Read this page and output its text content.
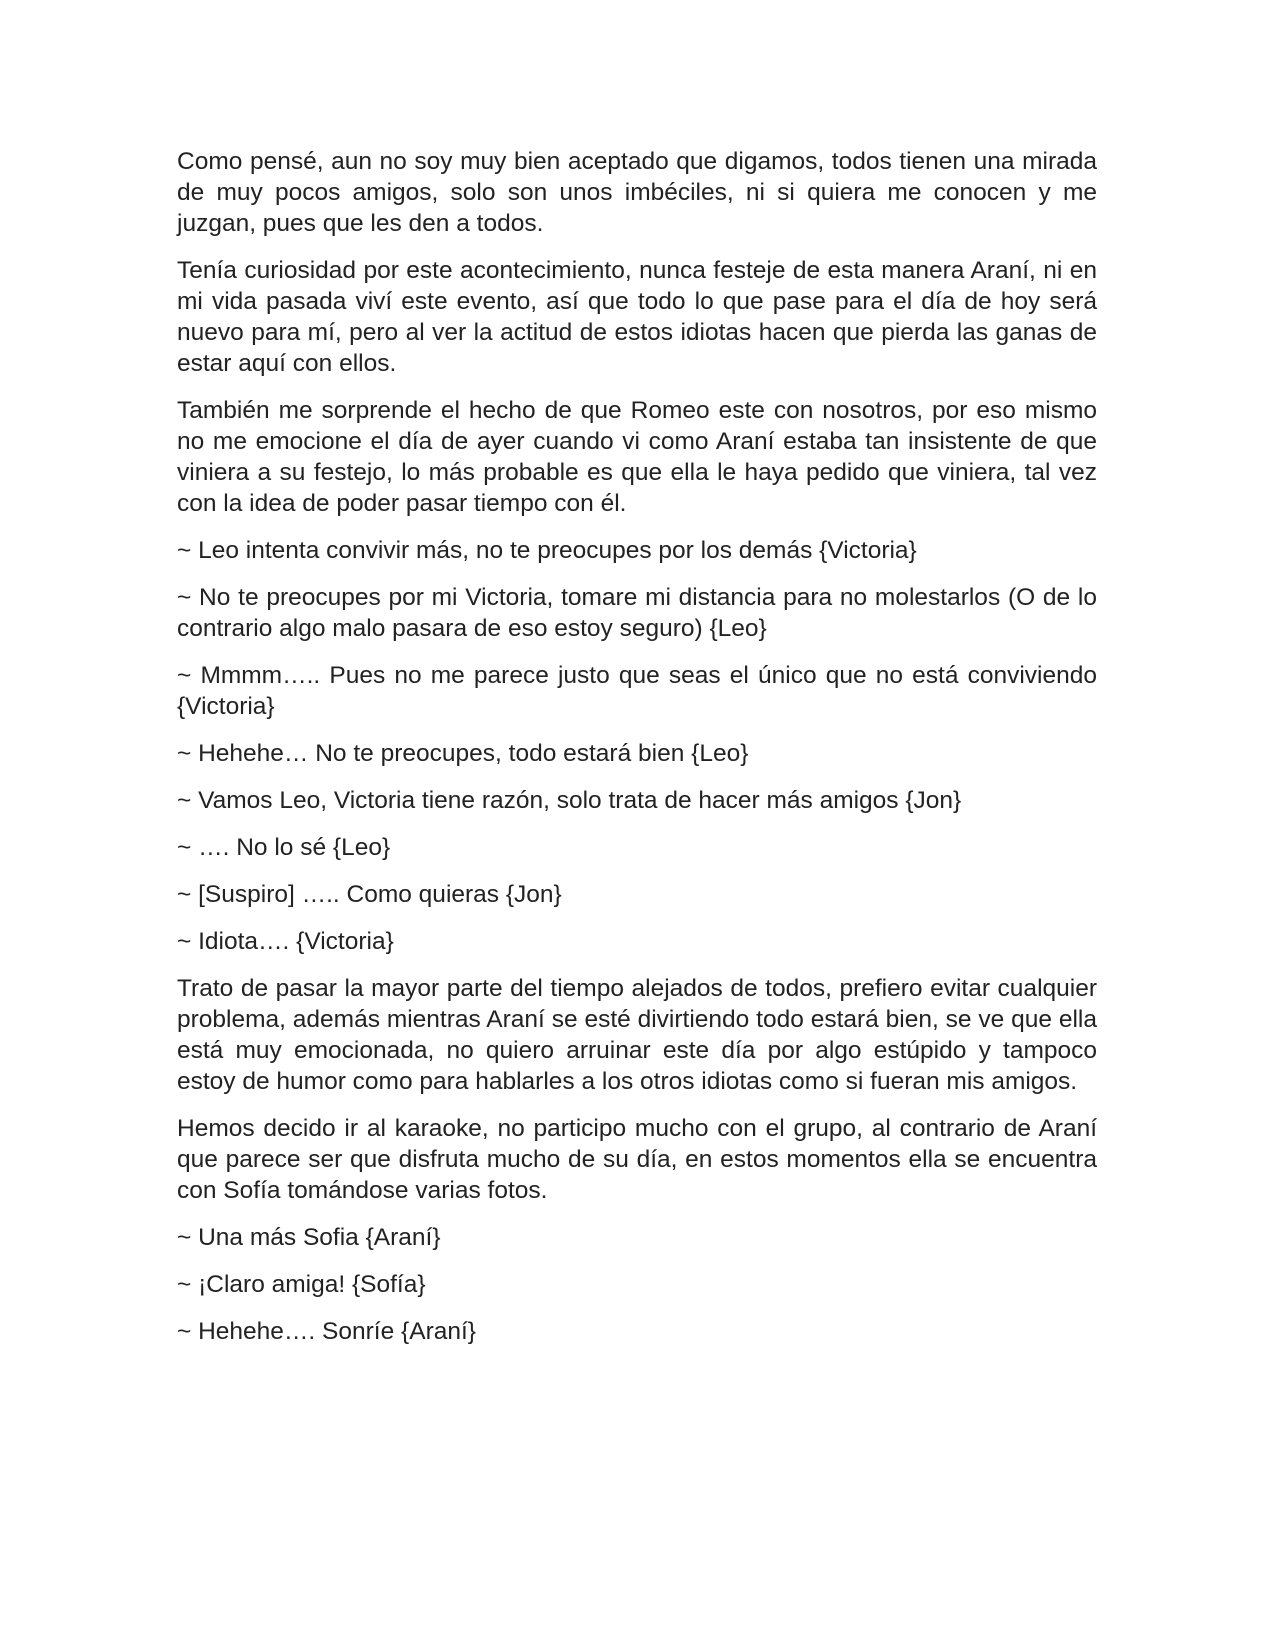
Como pensé, aun no soy muy bien aceptado que digamos, todos tienen una mirada de muy pocos amigos, solo son unos imbéciles, ni si quiera me conocen y me juzgan, pues que les den a todos.

Tenía curiosidad por este acontecimiento, nunca festeje de esta manera Araní, ni en mi vida pasada viví este evento, así que todo lo que pase para el día de hoy será nuevo para mí, pero al ver la actitud de estos idiotas hacen que pierda las ganas de estar aquí con ellos.

También me sorprende el hecho de que Romeo este con nosotros, por eso mismo no me emocione el día de ayer cuando vi como Araní estaba tan insistente de que viniera a su festejo, lo más probable es que ella le haya pedido que viniera, tal vez con la idea de poder pasar tiempo con él.

~ Leo intenta convivir más, no te preocupes por los demás {Victoria}

~ No te preocupes por mi Victoria, tomare mi distancia para no molestarlos (O de lo contrario algo malo pasara de eso estoy seguro) {Leo}

~ Mmmm….. Pues no me parece justo que seas el único que no está conviviendo {Victoria}

~ Hehehe… No te preocupes, todo estará bien {Leo}

~ Vamos Leo, Victoria tiene razón, solo trata de hacer más amigos {Jon}

~ …. No lo sé {Leo}

~ [Suspiro] ….. Como quieras {Jon}

~ Idiota…. {Victoria}

Trato de pasar la mayor parte del tiempo alejados de todos, prefiero evitar cualquier problema, además mientras Araní se esté divirtiendo todo estará bien, se ve que ella está muy emocionada, no quiero arruinar este día por algo estúpido y tampoco estoy de humor como para hablarles a los otros idiotas como si fueran mis amigos.

Hemos decido ir al karaoke, no participo mucho con el grupo, al contrario de Araní que parece ser que disfruta mucho de su día, en estos momentos ella se encuentra con Sofía tomándose varias fotos.

~ Una más Sofia {Araní}

~ ¡Claro amiga! {Sofía}

~ Hehehe…. Sonríe {Araní}
